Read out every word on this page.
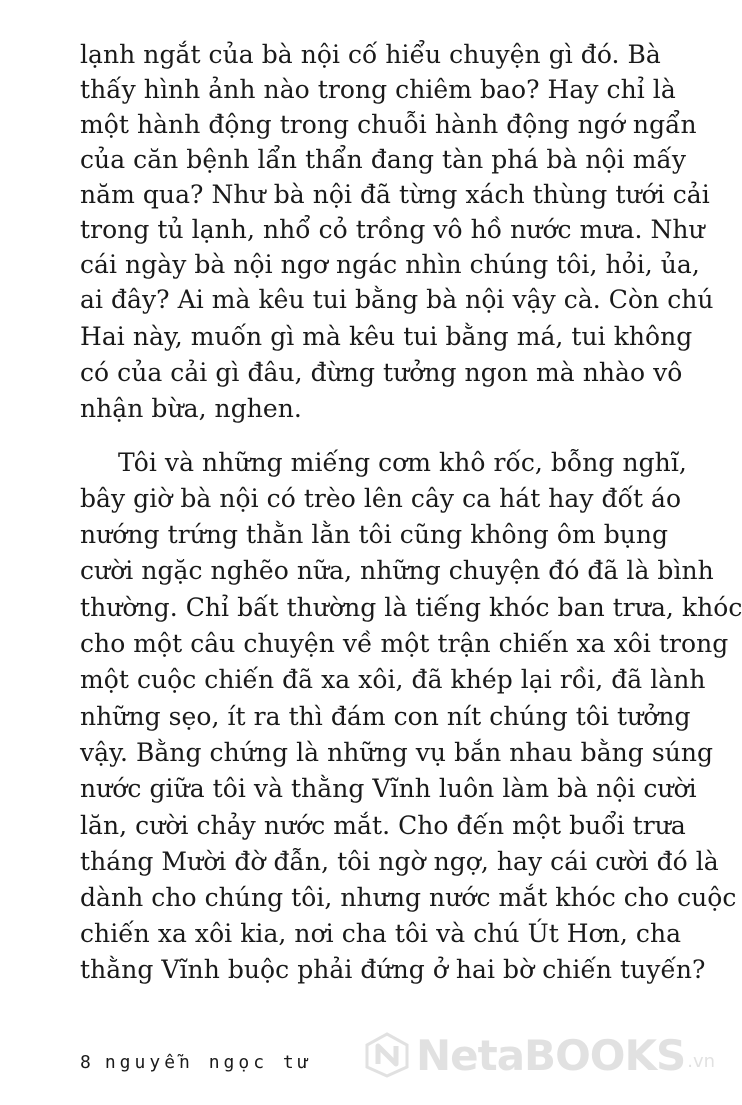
lạnh ngắt của bà nội cố hiểu chuyện gì đó. Bà
thấy hình ảnh nào trong chiêm bao? Hay chỉ là
một hành động trong chuỗi hành động ngớ ngẩn
của căn bệnh lẩn thẩn đang tàn phá bà nội mấy
năm qua? Như bà nội đã từng xách thùng tưới cải
trong tủ lạnh, nhổ cỏ trồng vô hồ nước mưa. Như
cái ngày bà nội ngơ ngác nhìn chúng tôi, hỏi, ủa,
ai đây? Ai mà kêu tui bằng bà nội vậy cà. Còn chú
Hai này, muốn gì mà kêu tui bằng má, tui không
có của cải gì đâu, đừng tưởng ngon mà nhào vô
nhận bừa, nghen.
Tôi và những miếng cơm khô rốc, bỗng nghĩ,
bây giờ bà nội có trèo lên cây ca hát hay đốt áo
nướng trứng thằn lằn tôi cũng không ôm bụng
cười ngặc nghẽo nữa, những chuyện đó đã là bình
thường. Chỉ bất thường là tiếng khóc ban trưa, khóc
cho một câu chuyện về một trận chiến xa xôi trong
một cuộc chiến đã xa xôi, đã khép lại rồi, đã lành
những sẹo, ít ra thì đám con nít chúng tôi tưởng
vậy. Bằng chứng là những vụ bắn nhau bằng súng
nước giữa tôi và thằng Vĩnh luôn làm bà nội cười
lăn, cười chảy nước mắt. Cho đến một buổi trưa
tháng Mười đờ đẫn, tôi ngờ ngợ, hay cái cười đó là
dành cho chúng tôi, nhưng nước mắt khóc cho cuộc
chiến xa xôi kia, nơi cha tôi và chú Út Hơn, cha
thằng Vĩnh buộc phải đứng ở hai bờ chiến tuyến?
8 nguyễn ngọc tư NetaBOOKS .vn
